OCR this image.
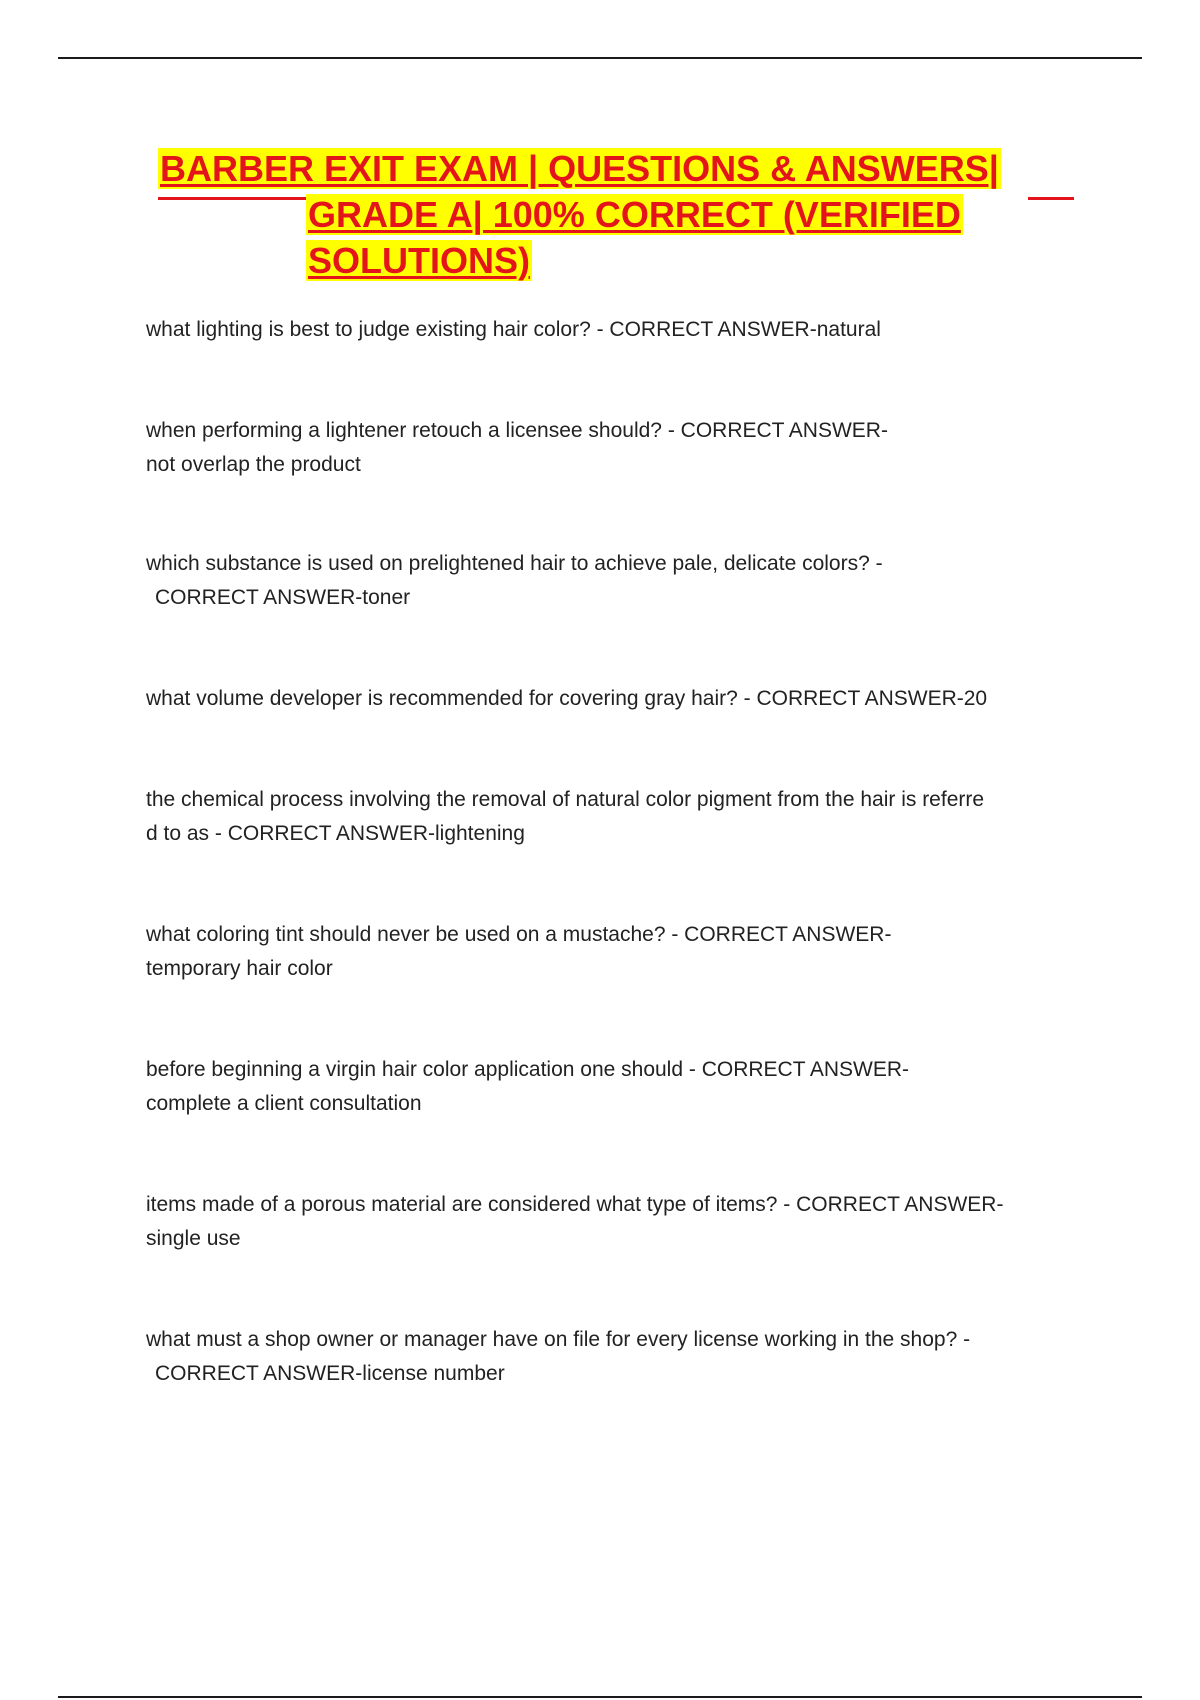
BARBER EXIT EXAM | QUESTIONS & ANSWERS|
GRADE A| 100% CORRECT (VERIFIED
SOLUTIONS)
what lighting is best to judge existing hair color? - CORRECT ANSWER-natural
when performing a lightener retouch a licensee should? - CORRECT ANSWER-
not overlap the product
which substance is used on prelightened hair to achieve pale, delicate colors? -
CORRECT ANSWER-toner
what volume developer is recommended for covering gray hair? - CORRECT ANSWER-20
the chemical process involving the removal of natural color pigment from the hair is referre
d to as - CORRECT ANSWER-lightening
what coloring tint should never be used on a mustache? - CORRECT ANSWER-
temporary hair color
before beginning a virgin hair color application one should - CORRECT ANSWER-
complete a client consultation
items made of a porous material are considered what type of items? - CORRECT ANSWER-
single use
what must a shop owner or manager have on file for every license working in the shop? -
CORRECT ANSWER-license number
